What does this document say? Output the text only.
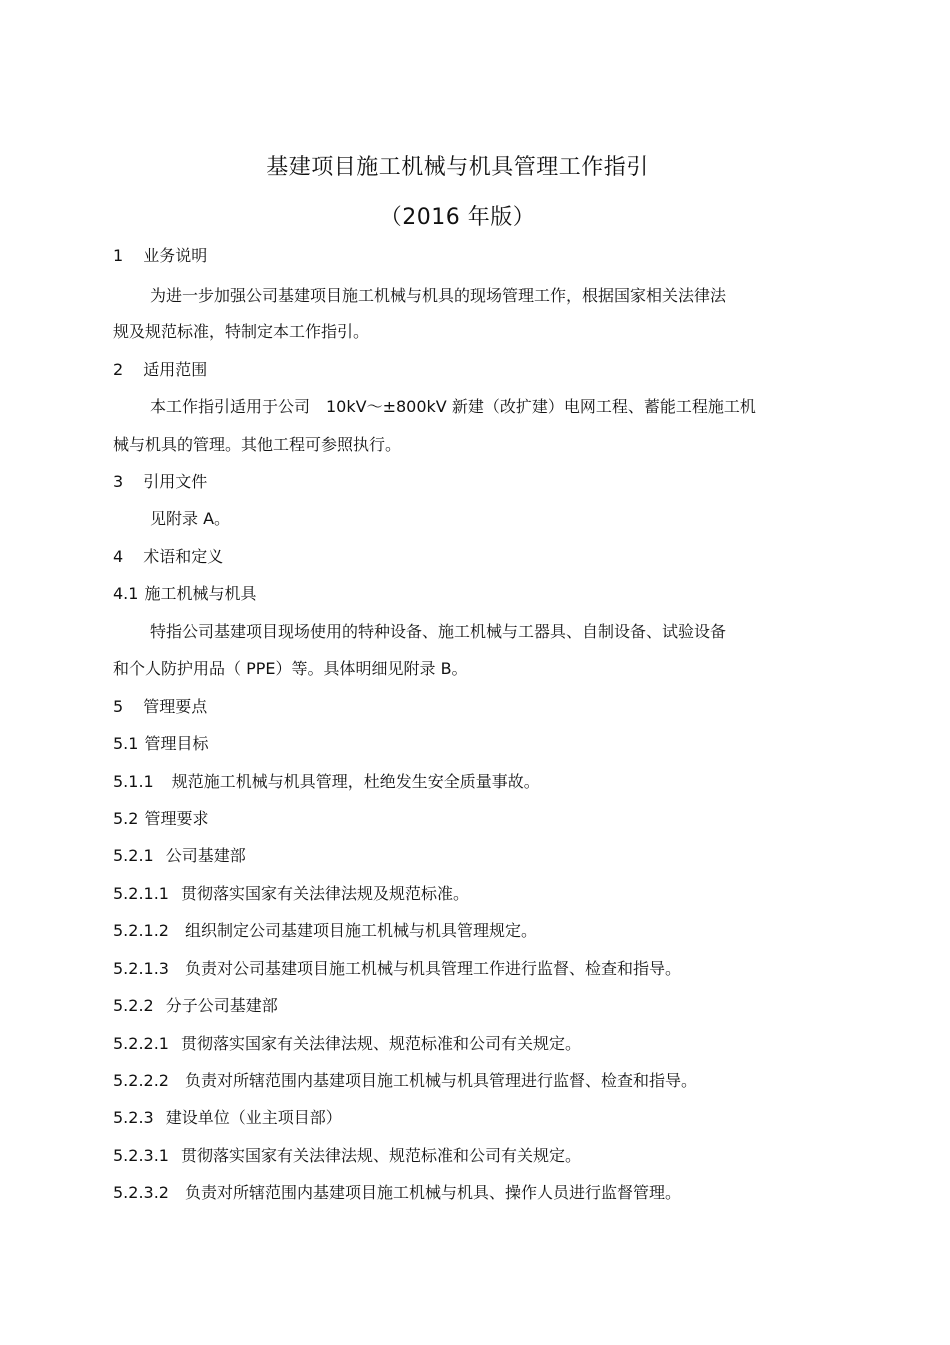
基建项目施工机械与机具管理工作指引
（2016 年版）
1 业务说明
为进一步加强公司基建项目施工机械与机具的现场管理工作，根据国家相关法律法
规及规范标准，特制定本工作指引。
2 适用范围
本工作指引适用于公司　10kV～±800kV 新建（改扩建）电网工程、蓄能工程施工机
械与机具的管理。其他工程可参照执行。
3 引用文件
见附录 A。
4 术语和定义
4.1 施工机械与机具
特指公司基建项目现场使用的特种设备、施工机械与工器具、自制设备、试验设备
和个人防护用品（ PPE）等。具体明细见附录 B。
5 管理要点
5.1 管理目标
5.1.1 规范施工机械与机具管理，杜绝发生安全质量事故。
5.2 管理要求
5.2.1 公司基建部
5.2.1.1 贯彻落实国家有关法律法规及规范标准。
5.2.1.2 组织制定公司基建项目施工机械与机具管理规定。
5.2.1.3 负责对公司基建项目施工机械与机具管理工作进行监督、检查和指导。
5.2.2 分子公司基建部
5.2.2.1 贯彻落实国家有关法律法规、规范标准和公司有关规定。
5.2.2.2 负责对所辖范围内基建项目施工机械与机具管理进行监督、检查和指导。
5.2.3 建设单位（业主项目部）
5.2.3.1 贯彻落实国家有关法律法规、规范标准和公司有关规定。
5.2.3.2 负责对所辖范围内基建项目施工机械与机具、操作人员进行监督管理。
